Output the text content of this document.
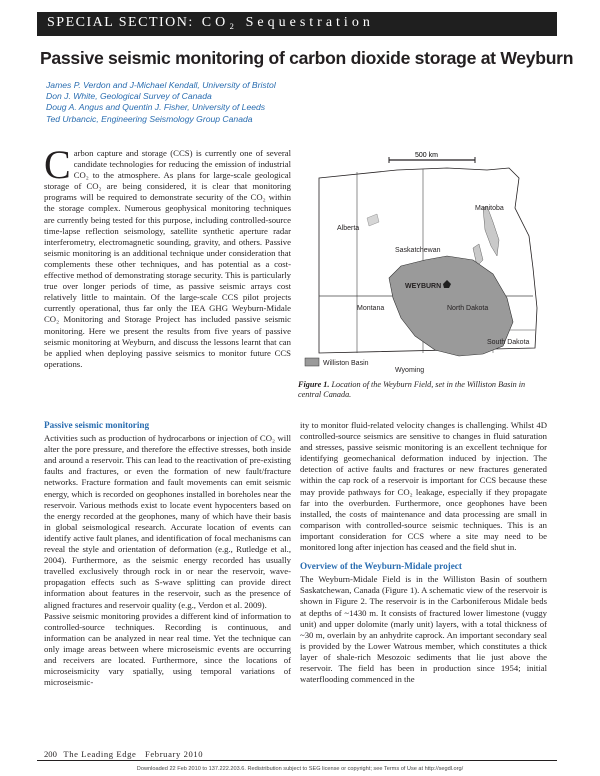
SPECIAL SECTION: CO₂ Sequestration
Passive seismic monitoring of carbon dioxide storage at Weyburn
James P. Verdon and J-Michael Kendall, University of Bristol
Don J. White, Geological Survey of Canada
Doug A. Angus and Quentin J. Fisher, University of Leeds
Ted Urbancic, Engineering Seismology Group Canada
C arbon capture and storage (CCS) is currently one of several candidate technologies for reducing the emission of industrial CO₂ to the atmosphere. As plans for large-scale geological storage of CO₂ are being considered, it is clear that monitoring programs will be required to demonstrate security of the CO₂ within the storage complex. Numerous geophysical monitoring techniques are currently being tested for this purpose, including controlled-source time-lapse reflection seismology, satellite synthetic aperture radar interferometry, electromagnetic sounding, gravity, and others. Passive seismic monitoring is an additional technique under consideration that complements these other techniques, and has potential as a cost-effective method of demonstrating storage security. This is particularly true over longer periods of time, as passive seismic arrays cost relatively little to maintain. Of the large-scale CCS pilot projects currently operational, thus far only the IEA GHG Weyburn-Midale CO₂ Monitoring and Storage Project has included passive seismic monitoring. Here we present the results from five years of passive seismic monitoring at Weyburn, and discuss the lessons learnt that can be applied when deploying passive seismics to monitor future CCS operations.

500 km
Alberta
Saskatchewan
Manitoba
WEYBURN
Montana	North Dakota
South Dakota
Wyoming
Williston Basin
Figure 1. Location of the Weyburn Field, set in the Williston Basin in central Canada.
Passive seismic monitoring

Activities such as production of hydrocarbons or injection of CO₂ will alter the pore pressure, and therefore the effective stresses, both inside and around a reservoir. This can lead to the reactivation of pre-existing faults and fractures, or even the formation of new fault/fracture networks. Fracture formation and fault movements can emit seismic energy, which is recorded on geophones installed in boreholes near the reservoir. Various methods exist to locate event hypocenters based on the energy recorded at the geophones, many of which have their basis in global seismological research. Accurate location of events can identify active fault planes, and identification of focal mechanisms can reveal the style and orientation of deformation (e.g., Rutledge et al., 2004). Furthermore, as the seismic energy recorded has usually travelled exclusively through rock in or near the reservoir, wave-propagation effects such as S-wave splitting can provide direct information about features in the reservoir, such as the presence of aligned fractures and reservoir quality (e.g., Verdon et al. 2009).

Passive seismic monitoring provides a different kind of information to controlled-source techniques. Recording is continuous, and information can be analyzed in near real time. Yet the technique can only image areas between where microseismic events are occurring and receivers are located. Furthermore, since the locations of microseismicity vary spatially, using temporal variations of microseismic-

ity to monitor fluid-related velocity changes is challenging. Whilst 4D controlled-source seismics are sensitive to changes in fluid saturation and stresses, passive seismic monitoring is an excellent technique for identifying geomechanical deformation induced by injection. The detection of active faults and fractures or new fractures generated within the cap rock of a reservoir is important for CCS because these may provide pathways for CO₂ leakage, especially if they propagate far into the overburden. Furthermore, once geophones have been installed, the costs of maintenance and data processing are small in comparison with controlled-source seismic techniques. This is an important consideration for CCS where a site may need to be monitored long after injection has ceased and the field shut in.

Overview of the Weyburn-Midale project

The Weyburn-Midale Field is in the Williston Basin of southern Saskatchewan, Canada (Figure 1). A schematic view of the reservoir is shown in Figure 2. The reservoir is in the Carboniferous Midale beds at depths of ~1430 m. It consists of fractured lower limestone (vuggy unit) and upper dolomite (marly unit) layers, with a total thickness of ~30 m, overlain by an anhydrite caprock. An important secondary seal is provided by the Lower Watrous member, which constitutes a thick layer of shale-rich Mesozoic sediments that lie just above the reservoir. The field has been in production since 1954; initial waterflooding commenced in the

200 The Leading Edge February 2010
Downloaded 22 Feb 2010 to 137.222.203.6. Redistribution subject to SEG license or copyright; see Terms of Use at http://segdl.org/
